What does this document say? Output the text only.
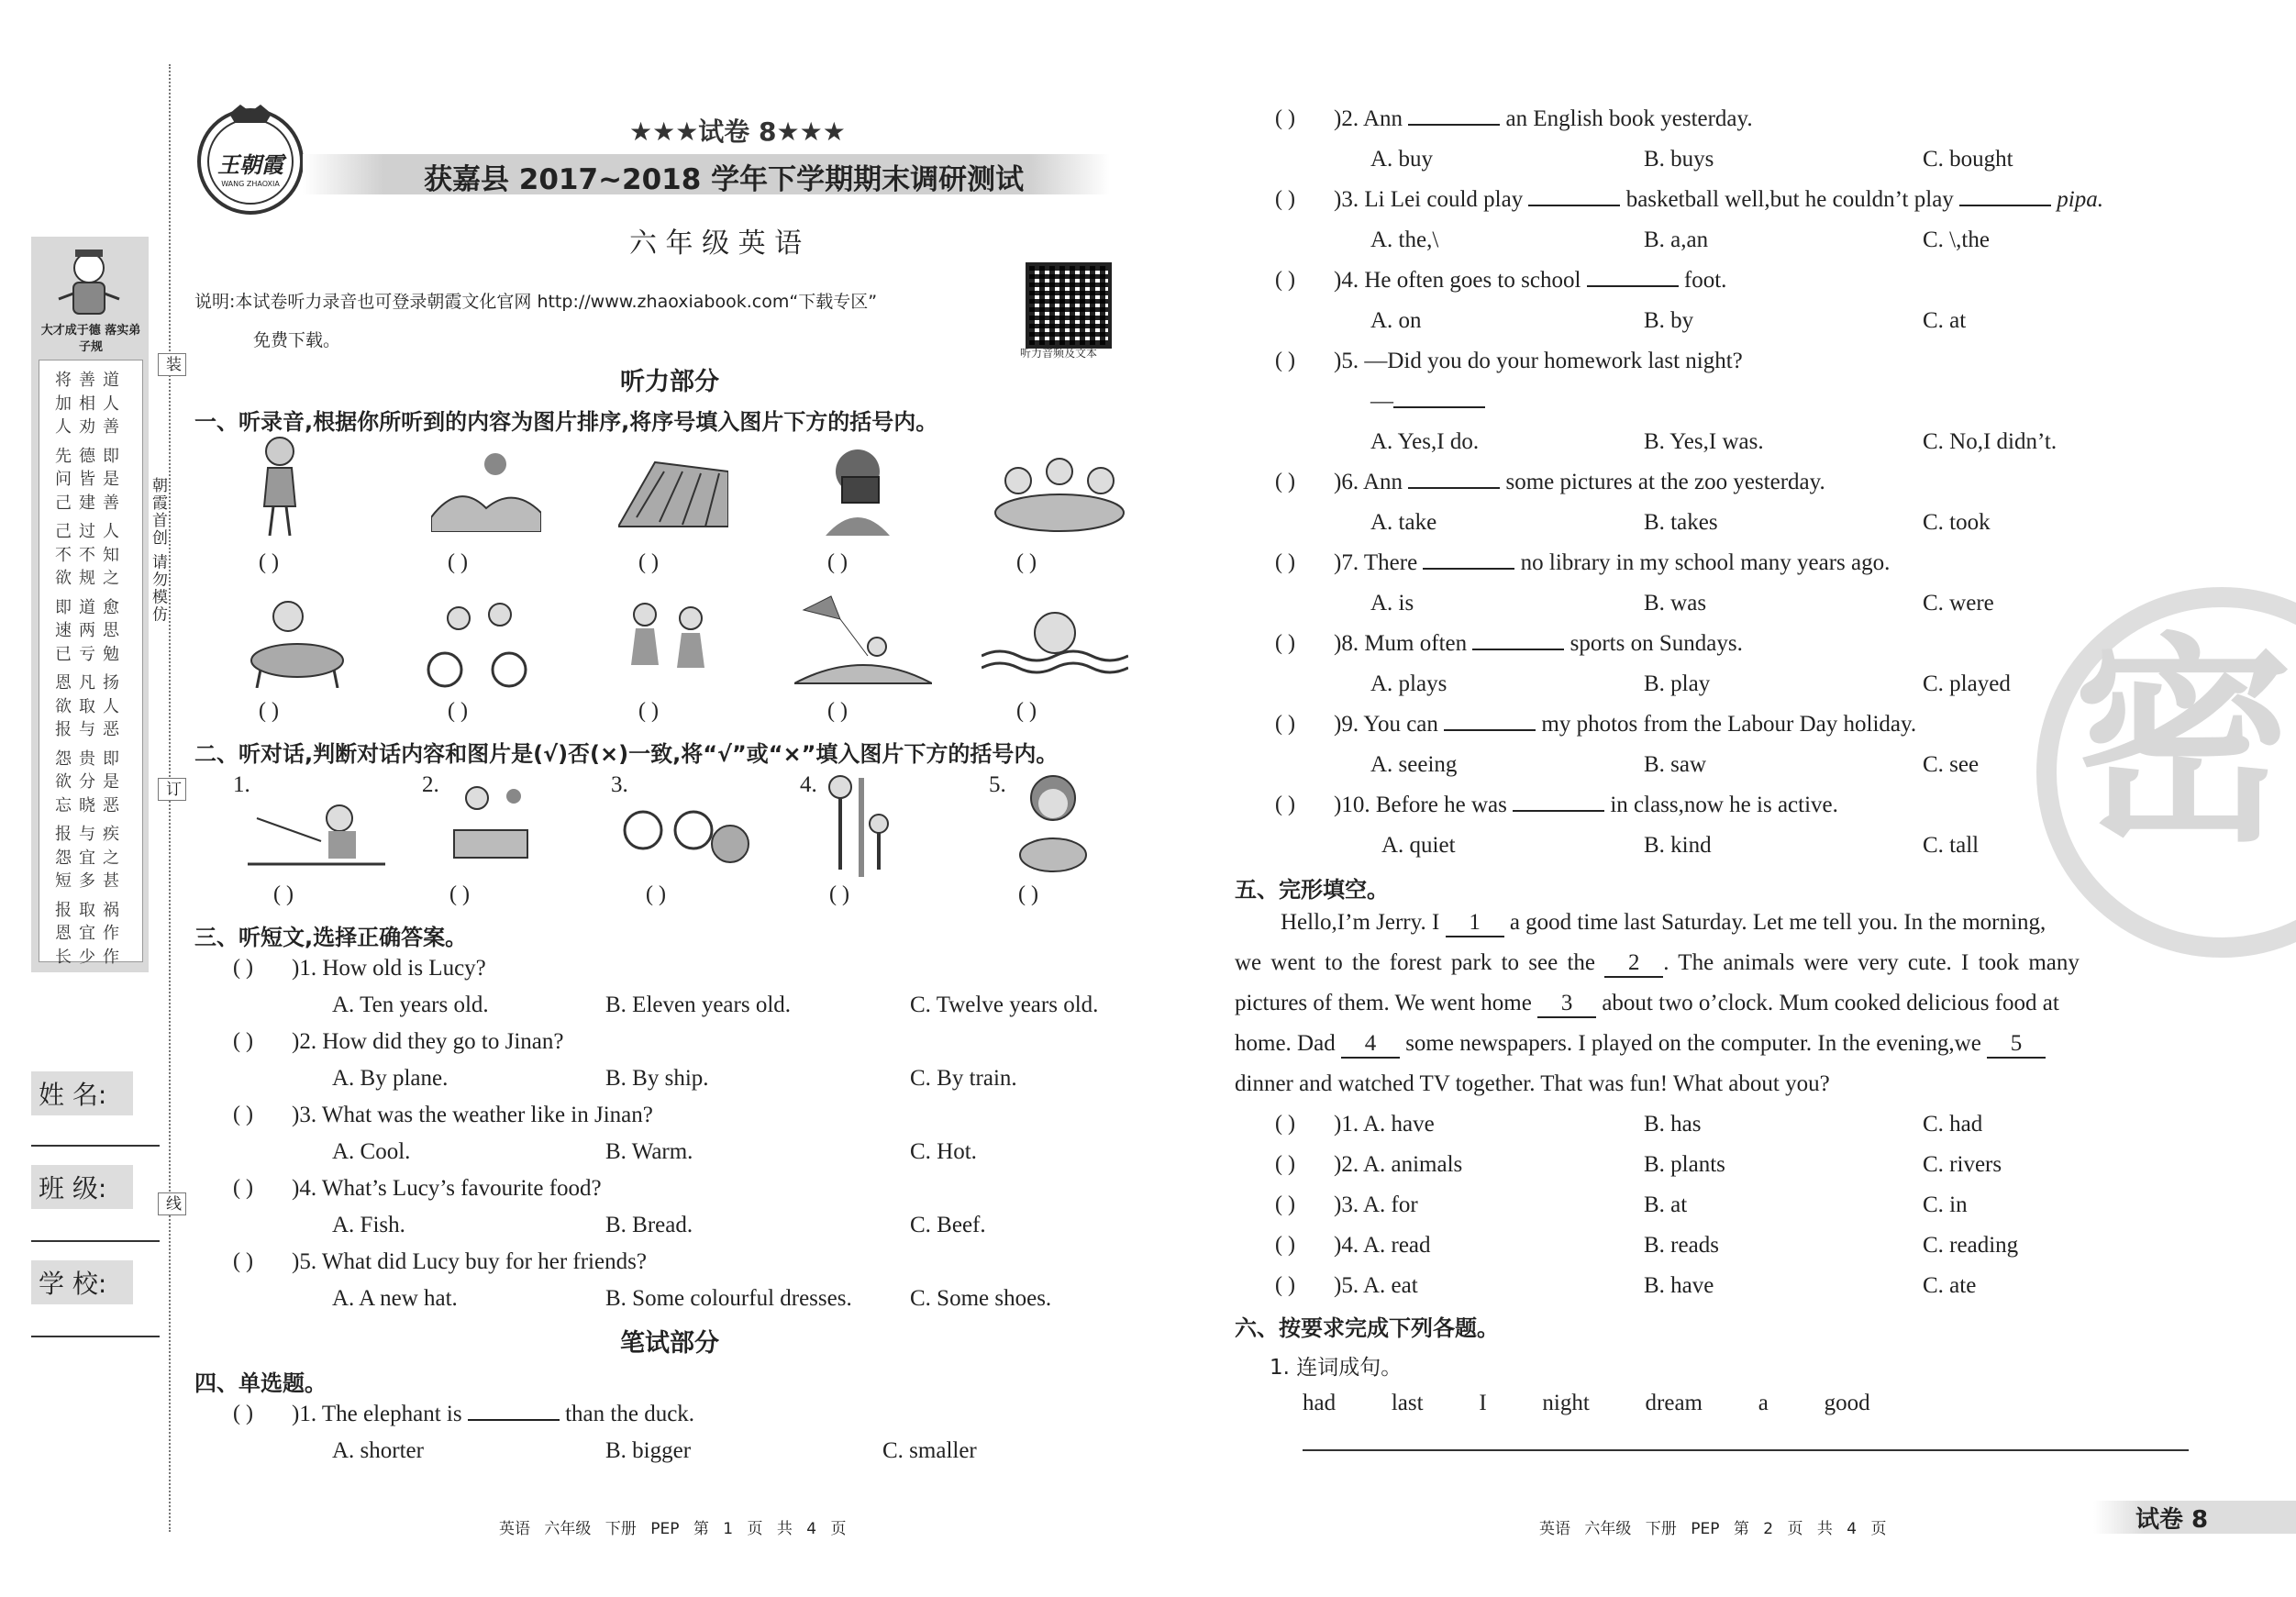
大才成于德 落实弟子规
将善道
加相人
人劝善
先德即
问皆是
己建善
己过人
不不知
欲规之
即道愈
速两思
已亏勉
恩凡扬
欲取人
报与恶
怨贵即
欲分是
忘晓恶
报与疾
怨宜之
短多甚
报取祸
恩宜作
长少作
装
朝霞首创 请勿模仿
订
线
姓 名:
班 级:
学 校:
王朝霞
WANG ZHAOXIA
★★★试卷 8★★★
获嘉县 2017~2018 学年下学期期末调研测试
六 年 级 英 语
说明:本试卷听力录音也可登录朝霞文化官网 http://www.zhaoxiabook.com“下载专区”
免费下载。
听力音频及文本
听力部分
一、听录音,根据你所听到的内容为图片排序,将序号填入图片下方的括号内。
( )	( )	( )	( )	( )
( )	( )	( )	( )	( )
二、听对话,判断对话内容和图片是(√)否(×)一致,将“√”或“×”填入图片下方的括号内。
1.	2.	3.	4.	5.
( )	( )	( )	( )	( )
三、听短文,选择正确答案。
( ) )1. How old is Lucy?
A. Ten years old.	B. Eleven years old.	C. Twelve years old.
( ) )2. How did they go to Jinan?
A. By plane.	B. By ship.	C. By train.
( ) )3. What was the weather like in Jinan?
A. Cool.	B. Warm.	C. Hot.
( ) )4. What’s Lucy’s favourite food?
A. Fish.	B. Bread.	C. Beef.
( ) )5. What did Lucy buy for her friends?
A. A new hat.	B. Some colourful dresses.	C. Some shoes.
笔试部分
四、单选题。
( ) )1. The elephant is	than the duck.
A. shorter	B. bigger	C. smaller
( ) )2. Ann	an English book yesterday.
A. buy	B. buys	C. bought
( ) )3. Li Lei could play	basketball well,but he couldn’t play	pipa.
A. the,\	B. a,an	C. \,the
( ) )4. He often goes to school	foot.
A. on	B. by	C. at
( ) )5. —Did you do your homework last night?
—
A. Yes,I do.	B. Yes,I was.	C. No,I didn’t.
( ) )6. Ann	some pictures at the zoo yesterday.
A. take	B. takes	C. took
( ) )7. There	no library in my school many years ago.
A. is	B. was	C. were
( ) )8. Mum often	sports on Sundays.
A. plays	B. play	C. played
( ) )9. You can	my photos from the Labour Day holiday.
A. seeing	B. saw	C. see
( ) )10. Before he was	in class,now he is active.
A. quiet	B. kind	C. tall
五、完形填空。
Hello,I’m Jerry. I 1 a good time last Saturday. Let me tell you. In the morning,
we went to the forest park to see the 2 . The animals were very cute. I took many
pictures of them. We went home 3 about two o’clock. Mum cooked delicious food at
home. Dad 4 some newspapers. I played on the computer. In the evening,we 5
dinner and watched TV together. That was fun! What about you?
( ) )1. A. have	B. has	C. had
( ) )2. A. animals	B. plants	C. rivers
( ) )3. A. for	B. at	C. in
( ) )4. A. read	B. reads	C. reading
( ) )5. A. eat	B. have	C. ate
六、按要求完成下列各题。
1. 连词成句。
had   last   I   night   dream   a   good
英语 六年级 下册 PEP 第 1 页 共 4 页	英语 六年级 下册 PEP 第 2 页 共 4 页	试卷 8
密
